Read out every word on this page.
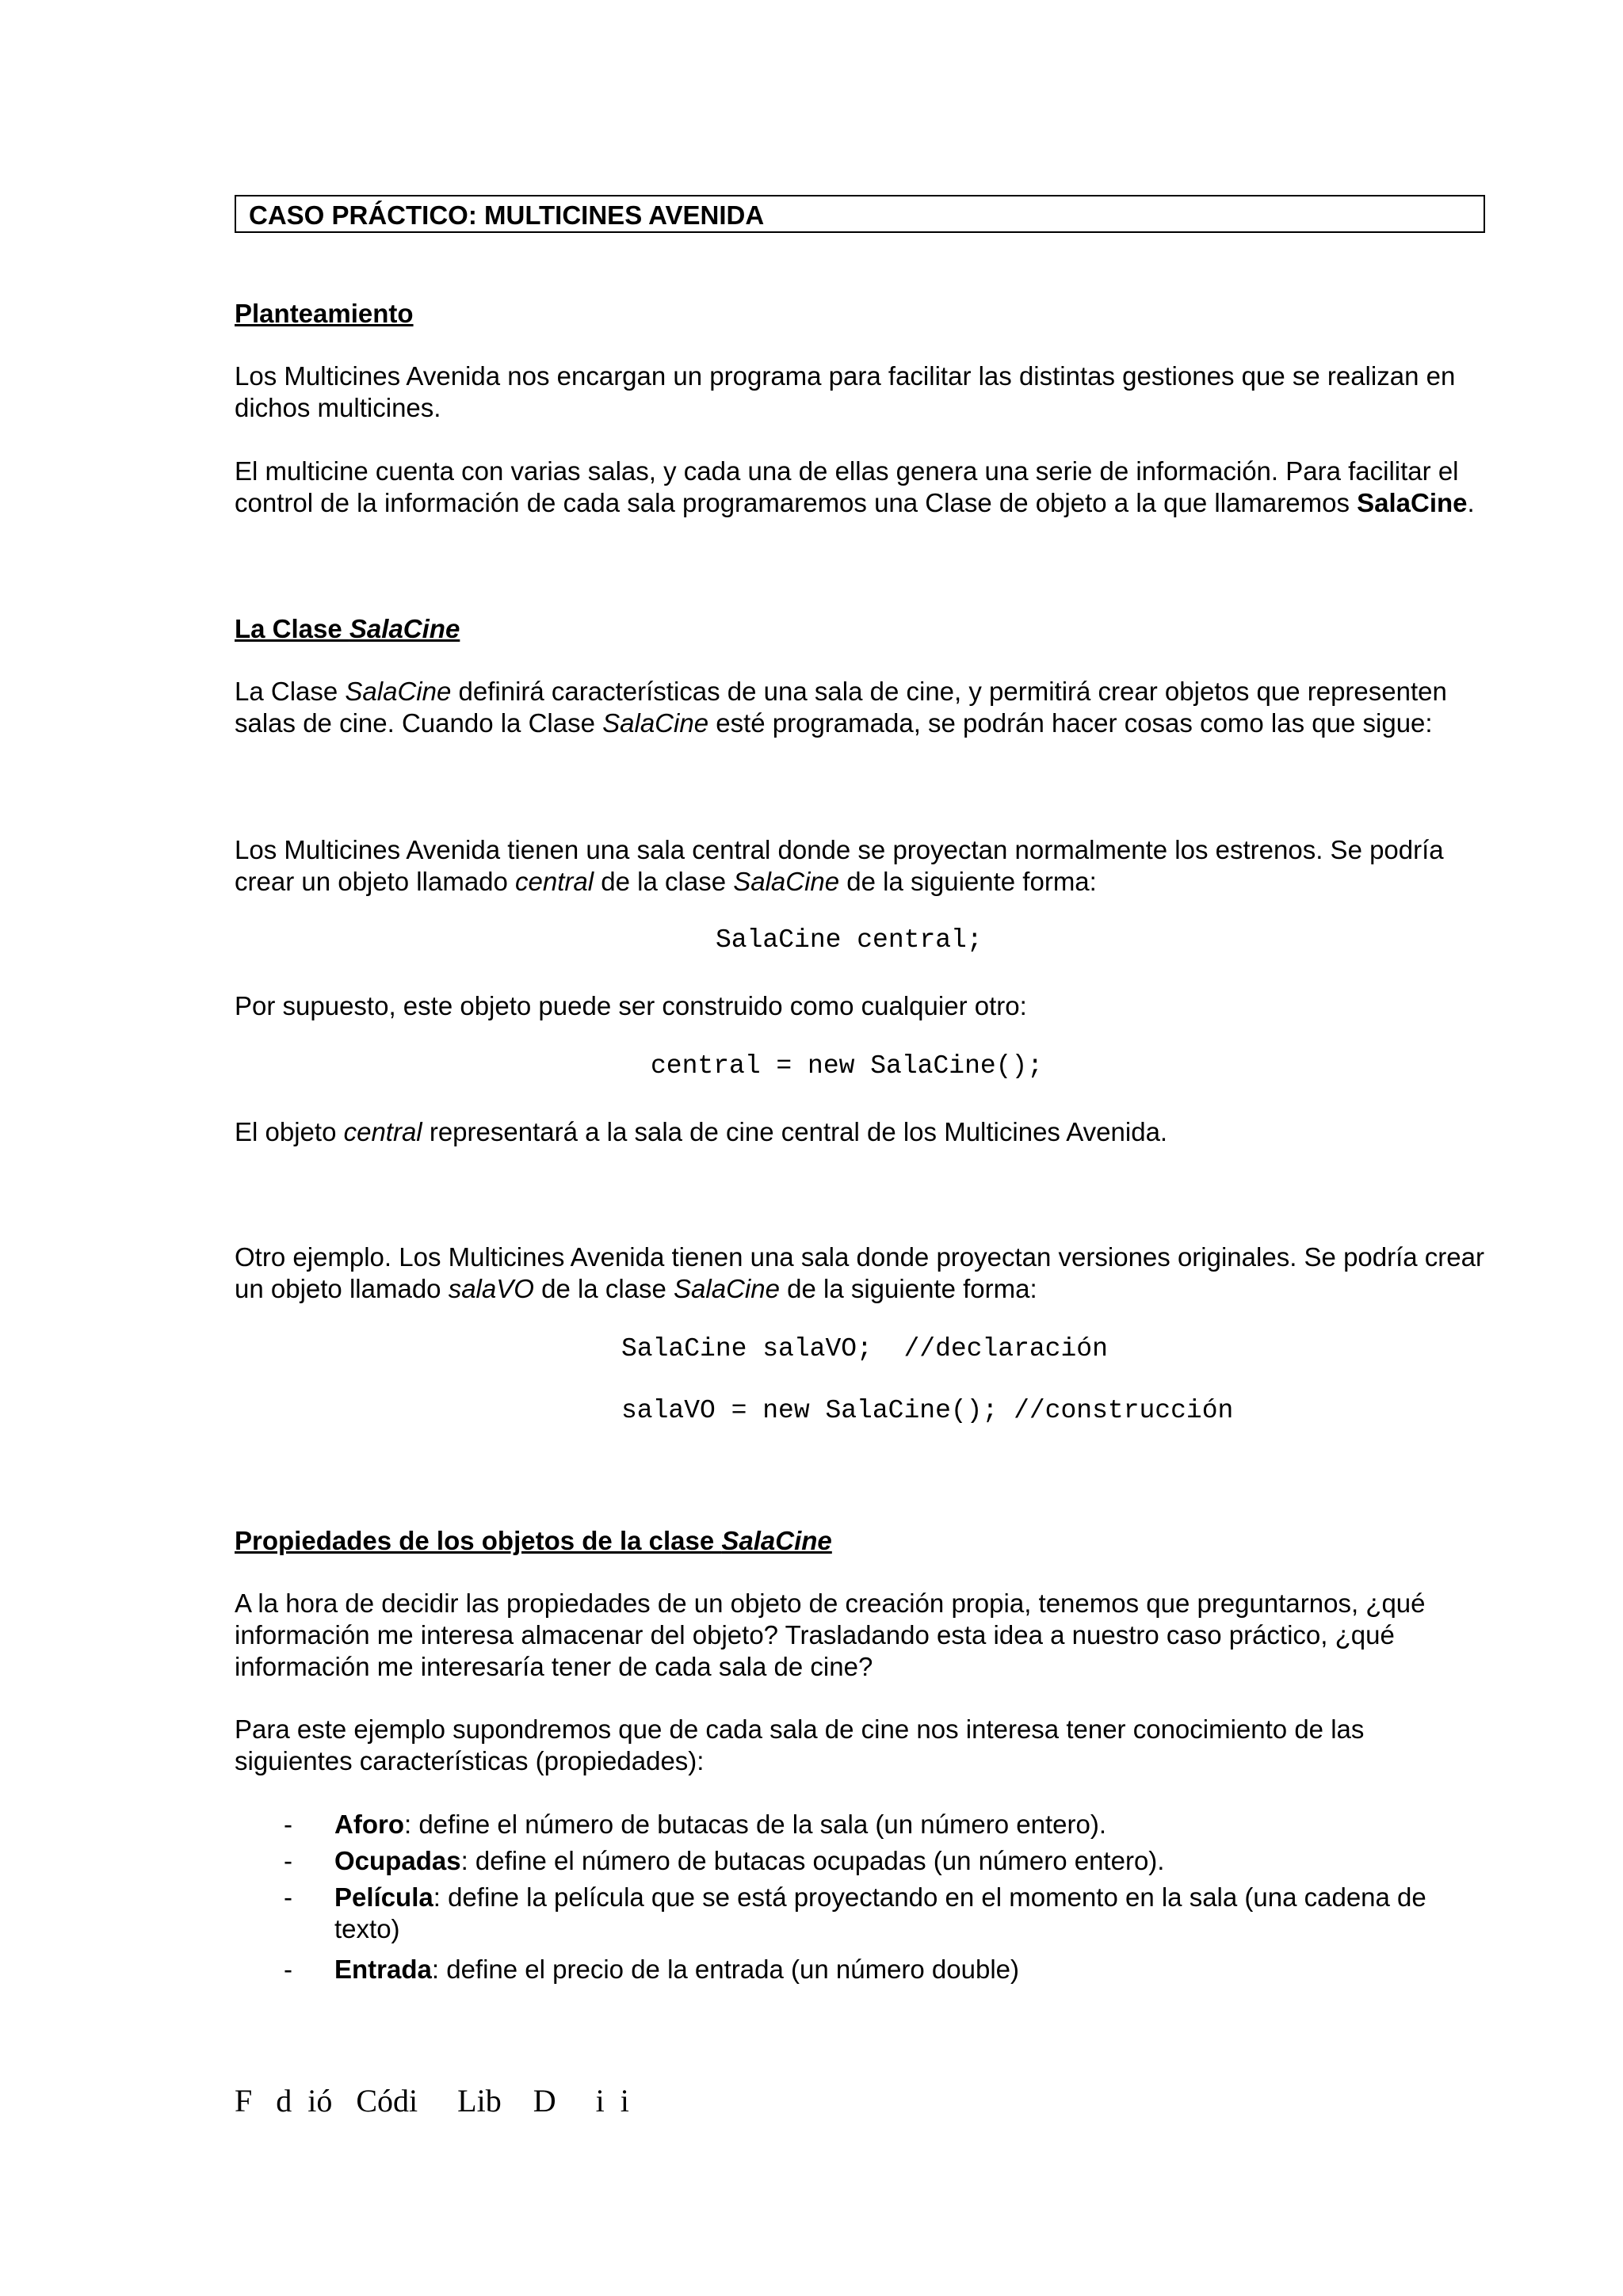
CASO PRÁCTICO: MULTICINES AVENIDA

Planteamiento

Los Multicines Avenida nos encargan un programa para facilitar las distintas gestiones que se realizan en dichos multicines.

El multicine cuenta con varias salas, y cada una de ellas genera una serie de información. Para facilitar el control de la información de cada sala programaremos una Clase de objeto a la que llamaremos SalaCine.

La Clase SalaCine

La Clase SalaCine definirá características de una sala de cine, y permitirá crear objetos que representen salas de cine. Cuando la Clase SalaCine esté programada, se podrán hacer cosas como las que sigue:

Los Multicines Avenida tienen una sala central donde se proyectan normalmente los estrenos. Se podría crear un objeto llamado central de la clase SalaCine de la siguiente forma:

SalaCine central;

Por supuesto, este objeto puede ser construido como cualquier otro:

central = new SalaCine();

El objeto central representará a la sala de cine central de los Multicines Avenida.

Otro ejemplo. Los Multicines Avenida tienen una sala donde proyectan versiones originales. Se podría crear un objeto llamado salaVO de la clase SalaCine de la siguiente forma:

SalaCine salaVO;  //declaración
salaVO = new SalaCine(); //construcción

Propiedades de los objetos de la clase SalaCine

A la hora de decidir las propiedades de un objeto de creación propia, tenemos que preguntarnos, ¿qué información me interesa almacenar del objeto? Trasladando esta idea a nuestro caso práctico, ¿qué información me interesaría tener de cada sala de cine?

Para este ejemplo supondremos que de cada sala de cine nos interesa tener conocimiento de las siguientes características (propiedades):

- Aforo: define el número de butacas de la sala (un número entero).
- Ocupadas: define el número de butacas ocupadas (un número entero).
- Película: define la película que se está proyectando en el momento en la sala (una cadena de texto)
- Entrada: define el precio de la entrada (un número double)
F   d  ió   Códi     Lib    D     i  i
